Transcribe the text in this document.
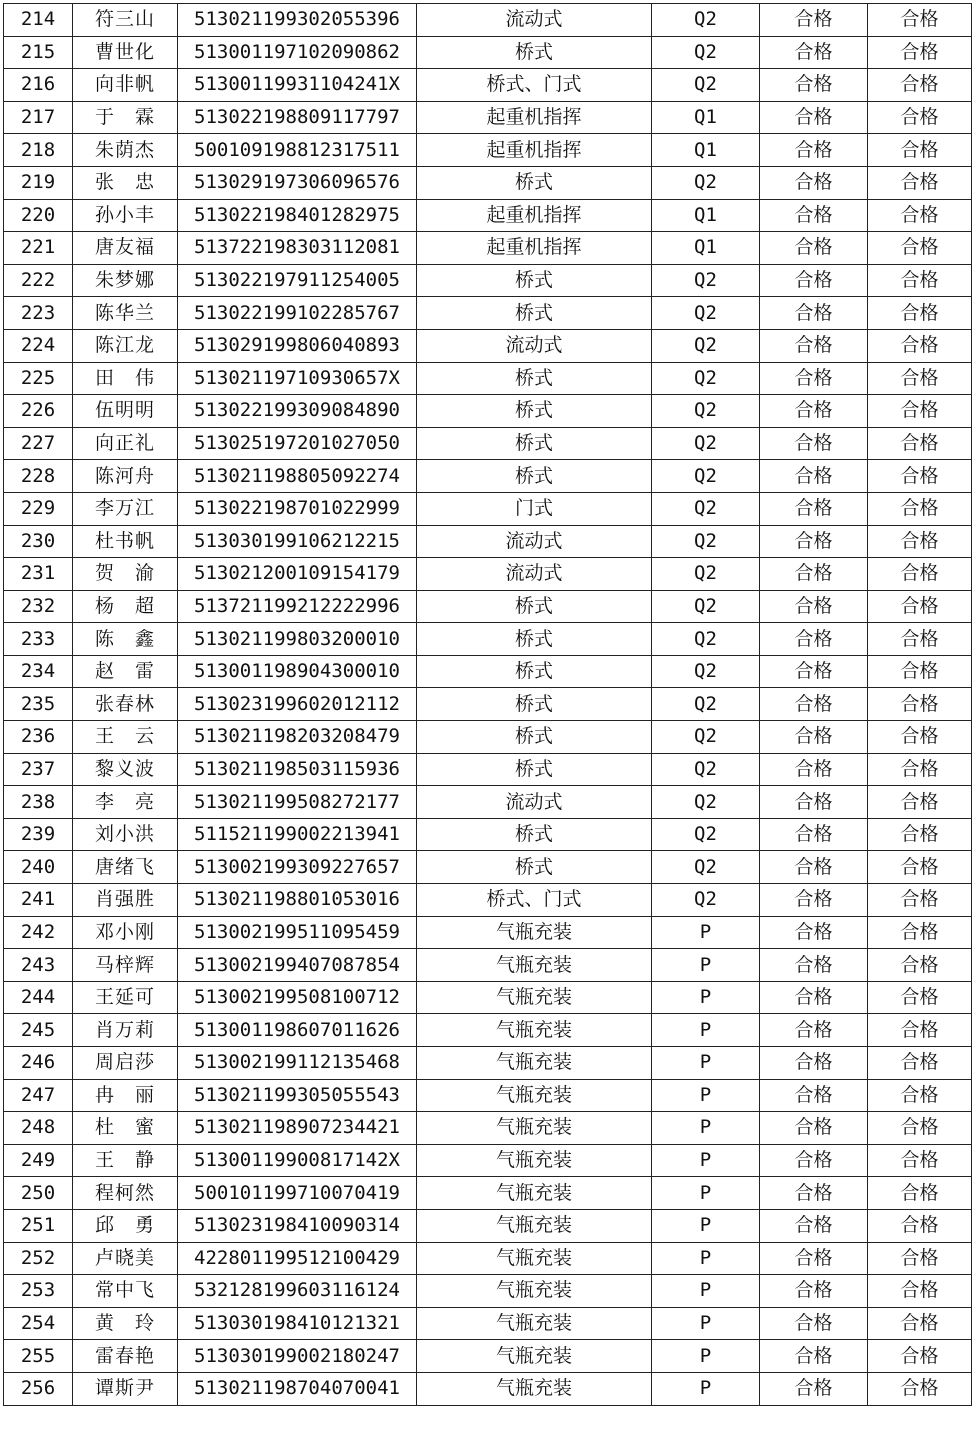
214	符三山	513021199302055396	流动式	Q2	合格	合格
215	曹世化	513001197102090862	桥式	Q2	合格	合格
216	向非帆	51300119931104241X	桥式、门式	Q2	合格	合格
217	于　霖	513022198809117797	起重机指挥	Q1	合格	合格
218	朱荫杰	500109198812317511	起重机指挥	Q1	合格	合格
219	张　忠	513029197306096576	桥式	Q2	合格	合格
220	孙小丰	513022198401282975	起重机指挥	Q1	合格	合格
221	唐友福	513722198303112081	起重机指挥	Q1	合格	合格
222	朱梦娜	513022197911254005	桥式	Q2	合格	合格
223	陈华兰	513022199102285767	桥式	Q2	合格	合格
224	陈江龙	513029199806040893	流动式	Q2	合格	合格
225	田　伟	51302119710930657X	桥式	Q2	合格	合格
226	伍明明	513022199309084890	桥式	Q2	合格	合格
227	向正礼	513025197201027050	桥式	Q2	合格	合格
228	陈河舟	513021198805092274	桥式	Q2	合格	合格
229	李万江	513022198701022999	门式	Q2	合格	合格
230	杜书帆	513030199106212215	流动式	Q2	合格	合格
231	贺　渝	513021200109154179	流动式	Q2	合格	合格
232	杨　超	513721199212222996	桥式	Q2	合格	合格
233	陈　鑫	513021199803200010	桥式	Q2	合格	合格
234	赵　雷	513001198904300010	桥式	Q2	合格	合格
235	张春林	513023199602012112	桥式	Q2	合格	合格
236	王　云	513021198203208479	桥式	Q2	合格	合格
237	黎义波	513021198503115936	桥式	Q2	合格	合格
238	李　亮	513021199508272177	流动式	Q2	合格	合格
239	刘小洪	511521199002213941	桥式	Q2	合格	合格
240	唐绪飞	513002199309227657	桥式	Q2	合格	合格
241	肖强胜	513021198801053016	桥式、门式	Q2	合格	合格
242	邓小刚	513002199511095459	气瓶充装	P	合格	合格
243	马梓辉	513002199407087854	气瓶充装	P	合格	合格
244	王延可	513002199508100712	气瓶充装	P	合格	合格
245	肖万莉	513001198607011626	气瓶充装	P	合格	合格
246	周启莎	513002199112135468	气瓶充装	P	合格	合格
247	冉　丽	513021199305055543	气瓶充装	P	合格	合格
248	杜　蜜	513021198907234421	气瓶充装	P	合格	合格
249	王　静	51300119900817142X	气瓶充装	P	合格	合格
250	程柯然	500101199710070419	气瓶充装	P	合格	合格
251	邱　勇	513023198410090314	气瓶充装	P	合格	合格
252	卢晓美	422801199512100429	气瓶充装	P	合格	合格
253	常中飞	532128199603116124	气瓶充装	P	合格	合格
254	黄　玲	513030198410121321	气瓶充装	P	合格	合格
255	雷春艳	513030199002180247	气瓶充装	P	合格	合格
256	谭斯尹	513021198704070041	气瓶充装	P	合格	合格
